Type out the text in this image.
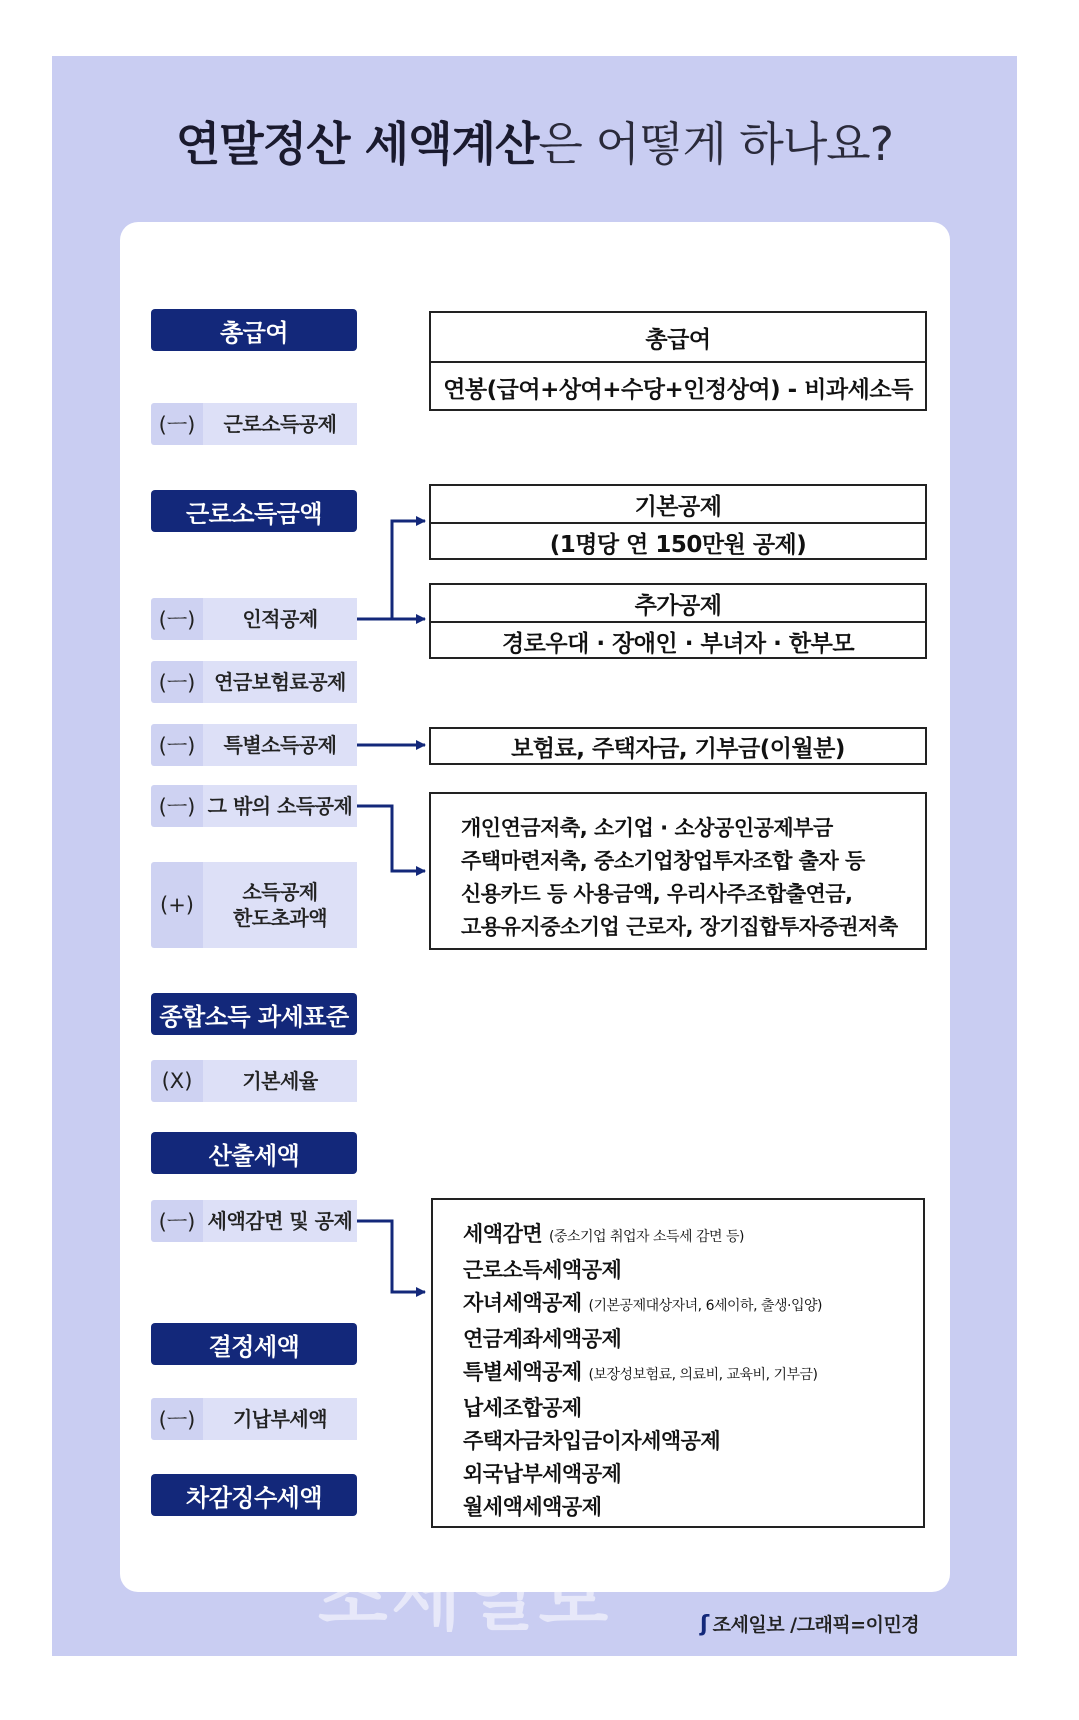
연말정산 세액계산은 어떻게 하나요?
총급여
(ㅡ)	근로소득공제
근로소득금액
(ㅡ)	인적공제
(ㅡ) 연금보험료공제
(ㅡ)	특별소득공제
(ㅡ) 그 밖의 소득공제
(+)
소득공제
한도초과액
종합소득 과세표준
(X)	기본세율
산출세액
(ㅡ) 세액감면 및 공제
결정세액
(ㅡ)	기납부세액
차감징수세액
총급여
연봉(급여+상여+수당+인정상여) - 비과세소득
기본공제
(1명당 연 150만원 공제)
추가공제
경로우대 · 장애인 · 부녀자 · 한부모
보험료, 주택자금, 기부금(이월분)
개인연금저축, 소기업 · 소상공인공제부금
주택마련저축, 중소기업창업투자조합 출자 등
신용카드 등 사용금액, 우리사주조합출연금,
고용유지중소기업 근로자, 장기집합투자증권저축
세액감면 (중소기업 취업자 소득세 감면 등)
근로소득세액공제
자녀세액공제 (기본공제대상자녀, 6세이하, 출생·입양)
연금계좌세액공제
특별세액공제 (보장성보험료, 의료비, 교육비, 기부금)
납세조합공제
주택자금차입금이자세액공제
외국납부세액공제
월세액세액공제
조세일보	ʃ 조세일보 /그래픽=이민경
